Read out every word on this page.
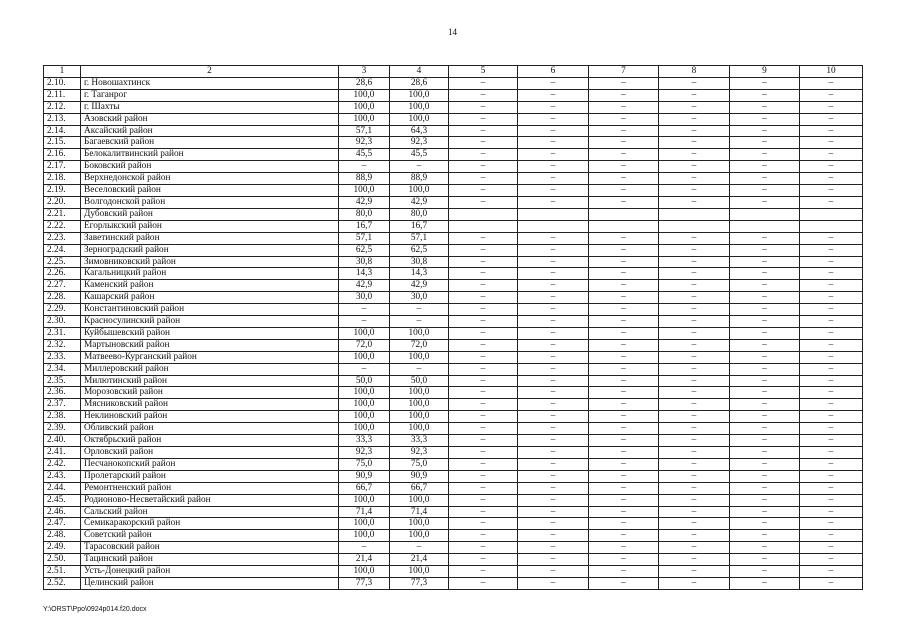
14
1	2	3	4	5	6	7	8	9	10
2.10.	г. Новошахтинск	28,6	28,6	–	–	–	–	–	–
2.11.	г. Таганрог	100,0	100,0	–	–	–	–	–	–
2.12.	г. Шахты	100,0	100,0	–	–	–	–	–	–
2.13.	Азовский район	100,0	100,0	–	–	–	–	–	–
2.14.	Аксайский район	57,1	64,3	–	–	–	–	–	–
2.15.	Багаевский район	92,3	92,3	–	–	–	–	–	–
2.16.	Белокалитвинский район	45,5	45,5	–	–	–	–	–	–
2.17.	Боковский район	–	–	–	–	–	–	–	–
2.18.	Верхнедонской район	88,9	88,9	–	–	–	–	–	–
2.19.	Веселовский район	100,0	100,0	–	–	–	–	–	–
2.20.	Волгодонской район	42,9	42,9	–	–	–	–	–	–
2.21.	Дубовский район	80,0	80,0						
2.22.	Егорлыкский район	16,7	16,7						
2.23.	Заветинский район	57,1	57,1	–	–	–	–	–	–
2.24.	Зерноградский район	62,5	62,5	–	–	–	–	–	–
2.25.	Зимовниковский район	30,8	30,8	–	–	–	–	–	–
2.26.	Кагальницкий район	14,3	14,3	–	–	–	–	–	–
2.27.	Каменский район	42,9	42,9	–	–	–	–	–	–
2.28.	Кашарский район	30,0	30,0	–	–	–	–	–	–
2.29.	Константиновский район	–	–	–	–	–	–	–	–
2.30.	Красносулинский район	–	–	–	–	–	–	–	–
2.31.	Куйбышевский район	100,0	100,0	–	–	–	–	–	–
2.32.	Мартыновский район	72,0	72,0	–	–	–	–	–	–
2.33.	Матвеево-Курганский район	100,0	100,0	–	–	–	–	–	–
2.34.	Миллеровский район	–	–	–	–	–	–	–	–
2.35.	Милютинский район	50,0	50,0	–	–	–	–	–	–
2.36.	Морозовский район	100,0	100,0	–	–	–	–	–	–
2.37.	Мясниковский район	100,0	100,0	–	–	–	–	–	–
2.38.	Неклиновский район	100,0	100,0	–	–	–	–	–	–
2.39.	Обливский район	100,0	100,0	–	–	–	–	–	–
2.40.	Октябрьский район	33,3	33,3	–	–	–	–	–	–
2.41.	Орловский район	92,3	92,3	–	–	–	–	–	–
2.42.	Песчанокопский район	75,0	75,0	–	–	–	–	–	–
2.43.	Пролетарский район	90,9	90,9	–	–	–	–	–	–
2.44.	Ремонтненский район	66,7	66,7	–	–	–	–	–	–
2.45.	Родионово-Несветайский район	100,0	100,0	–	–	–	–	–	–
2.46.	Сальский район	71,4	71,4	–	–	–	–	–	–
2.47.	Семикаракорский район	100,0	100,0	–	–	–	–	–	–
2.48.	Советский район	100,0	100,0	–	–	–	–	–	–
2.49.	Тарасовский район	–	–	–	–	–	–	–	–
2.50.	Тацинский район	21,4	21,4	–	–	–	–	–	–
2.51.	Усть-Донецкий район	100,0	100,0	–	–	–	–	–	–
2.52.	Целинский район	77,3	77,3	–	–	–	–	–	–
Y:\ORST\Ppo\0924p014.f20.docx
